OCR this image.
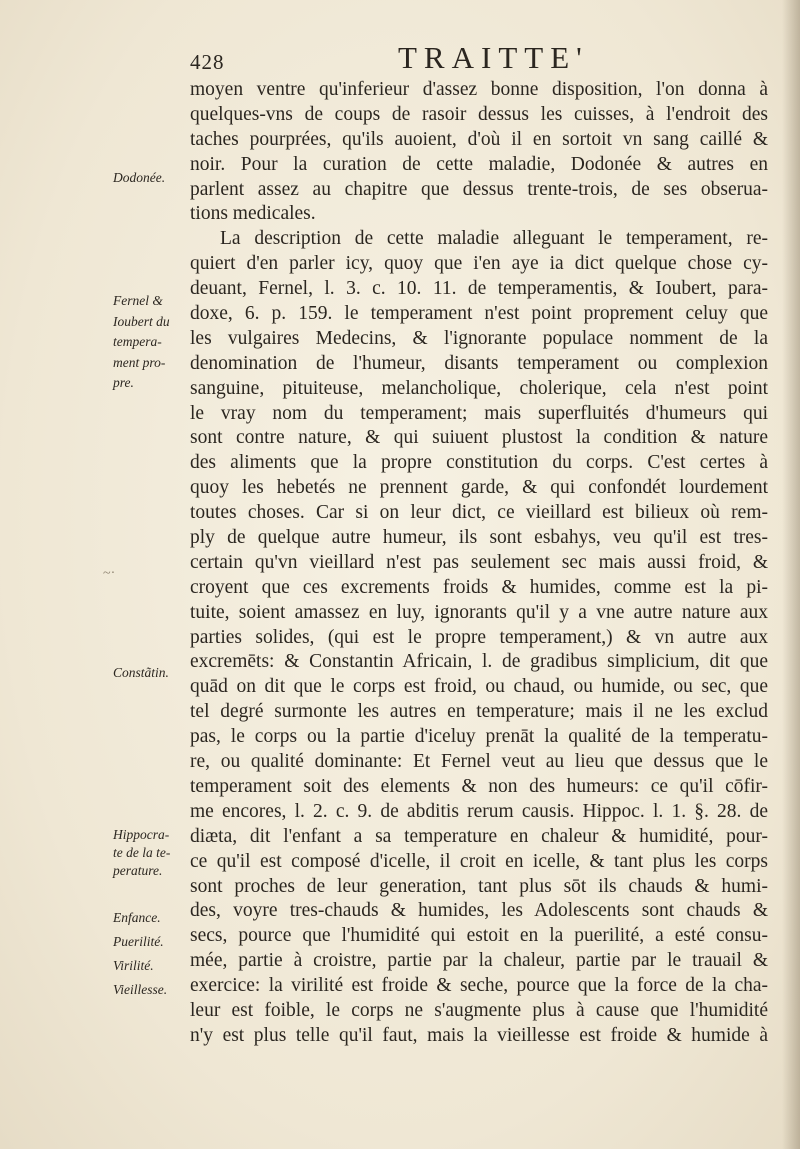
428	TRAITTE'
Dodonée.
Fernel &
Ioubert du
tempera-
ment pro-
pre.
~·
Constãtin.
Hippocra-
te de la te-
perature.
Enfance.
Puerilité.
Virilité.
Vieillesse.
moyen ventre qu'inferieur d'assez bonne disposition, l'on donna à
quelques-vns de coups de rasoir dessus les cuisses, à l'endroit des
taches pourprées, qu'ils auoient, d'où il en sortoit vn sang caillé &
noir. Pour la curation de cette maladie, Dodonée & autres en
parlent assez au chapitre que dessus trente-trois, de ses obserua-
tions medicales.
La description de cette maladie alleguant le temperament, re-
quiert d'en parler icy, quoy que i'en aye ia dict quelque chose cy-
deuant, Fernel, l. 3. c. 10. 11. de temperamentis, & Ioubert, para-
doxe, 6. p. 159. le temperament n'est point proprement celuy que
les vulgaires Medecins, & l'ignorante populace nomment de la
denomination de l'humeur, disants temperament ou complexion
sanguine, pituiteuse, melancholique, cholerique, cela n'est point
le vray nom du temperament; mais superfluités d'humeurs qui
sont contre nature, & qui suiuent plustost la condition & nature
des aliments que la propre constitution du corps. C'est certes à
quoy les hebetés ne prennent garde, & qui confondét lourdement
toutes choses. Car si on leur dict, ce vieillard est bilieux où rem-
ply de quelque autre humeur, ils sont esbahys, veu qu'il est tres-
certain qu'vn vieillard n'est pas seulement sec mais aussi froid, &
croyent que ces excrements froids & humides, comme est la pi-
tuite, soient amassez en luy, ignorants qu'il y a vne autre nature aux
parties solides, (qui est le propre temperament,) & vn autre aux
excremēts: & Constantin Africain, l. de gradibus simplicium, dit que
quād on dit que le corps est froid, ou chaud, ou humide, ou sec, que
tel degré surmonte les autres en temperature; mais il ne les exclud
pas, le corps ou la partie d'iceluy prenāt la qualité de la temperatu-
re, ou qualité dominante: Et Fernel veut au lieu que dessus que le
temperament soit des elements & non des humeurs: ce qu'il cōfir-
me encores, l. 2. c. 9. de abditis rerum causis. Hippoc. l. 1. §. 28. de
diæta, dit l'enfant a sa temperature en chaleur & humidité, pour-
ce qu'il est composé d'icelle, il croit en icelle, & tant plus les corps
sont proches de leur generation, tant plus sōt ils chauds & humi-
des, voyre tres-chauds & humides, les Adolescents sont chauds &
secs, pource que l'humidité qui estoit en la puerilité, a esté consu-
mée, partie à croistre, partie par la chaleur, partie par le trauail &
exercice: la virilité est froide & seche, pource que la force de la cha-
leur est foible, le corps ne s'augmente plus à cause que l'humidité
n'y est plus telle qu'il faut, mais la vieillesse est froide & humide à
